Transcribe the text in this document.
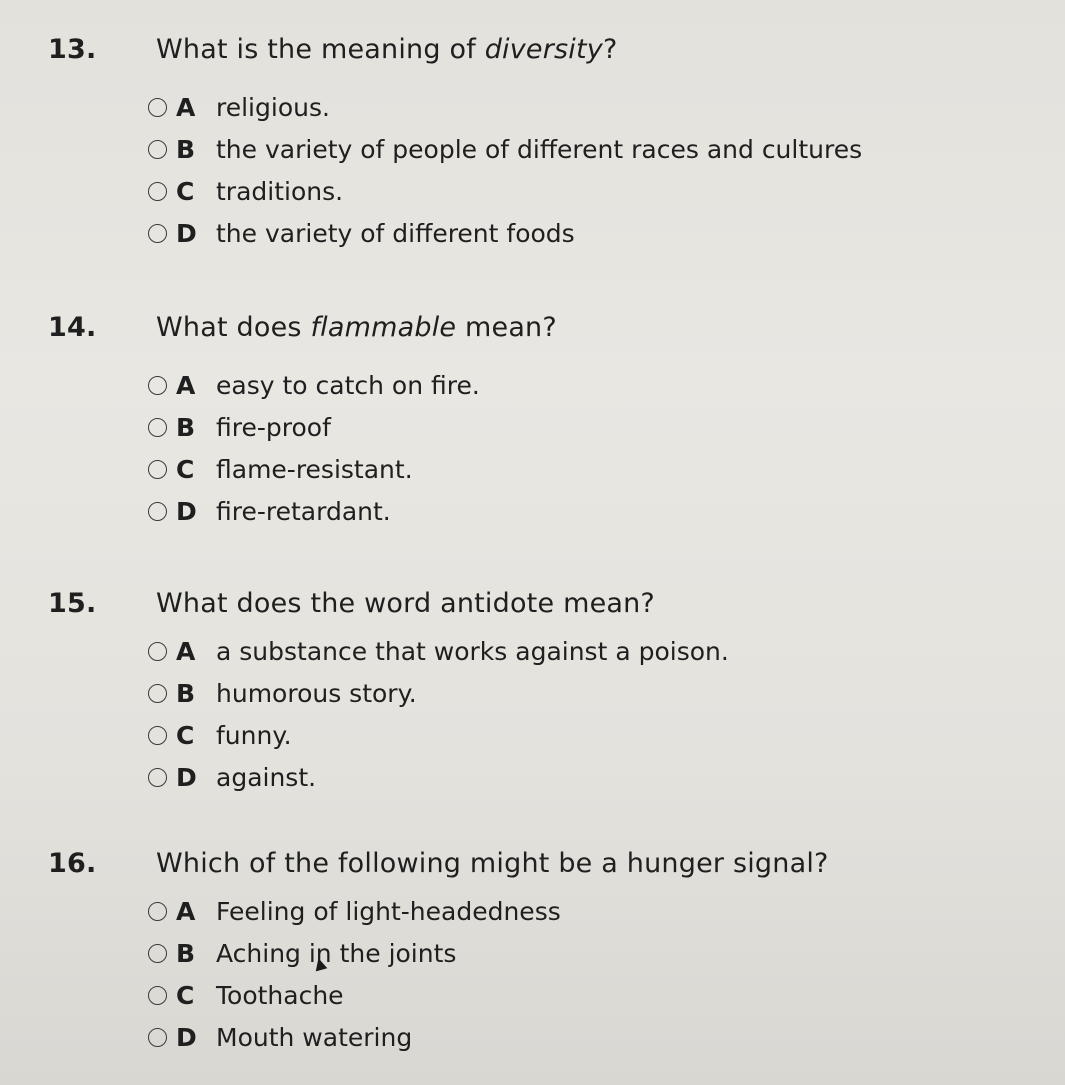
13.	What is the meaning of diversity?
A religious.
B the variety of people of different races and cultures
C traditions.
D the variety of different foods
14.	What does flammable mean?
A easy to catch on fire.
B fire-proof
C flame-resistant.
D fire-retardant.
15.	What does the word antidote mean?
A a substance that works against a poison.
B humorous story.
C funny.
D against.
16.	Which of the following might be a hunger signal?
A Feeling of light-headedness
B Aching in the joints
C Toothache
D Mouth watering
